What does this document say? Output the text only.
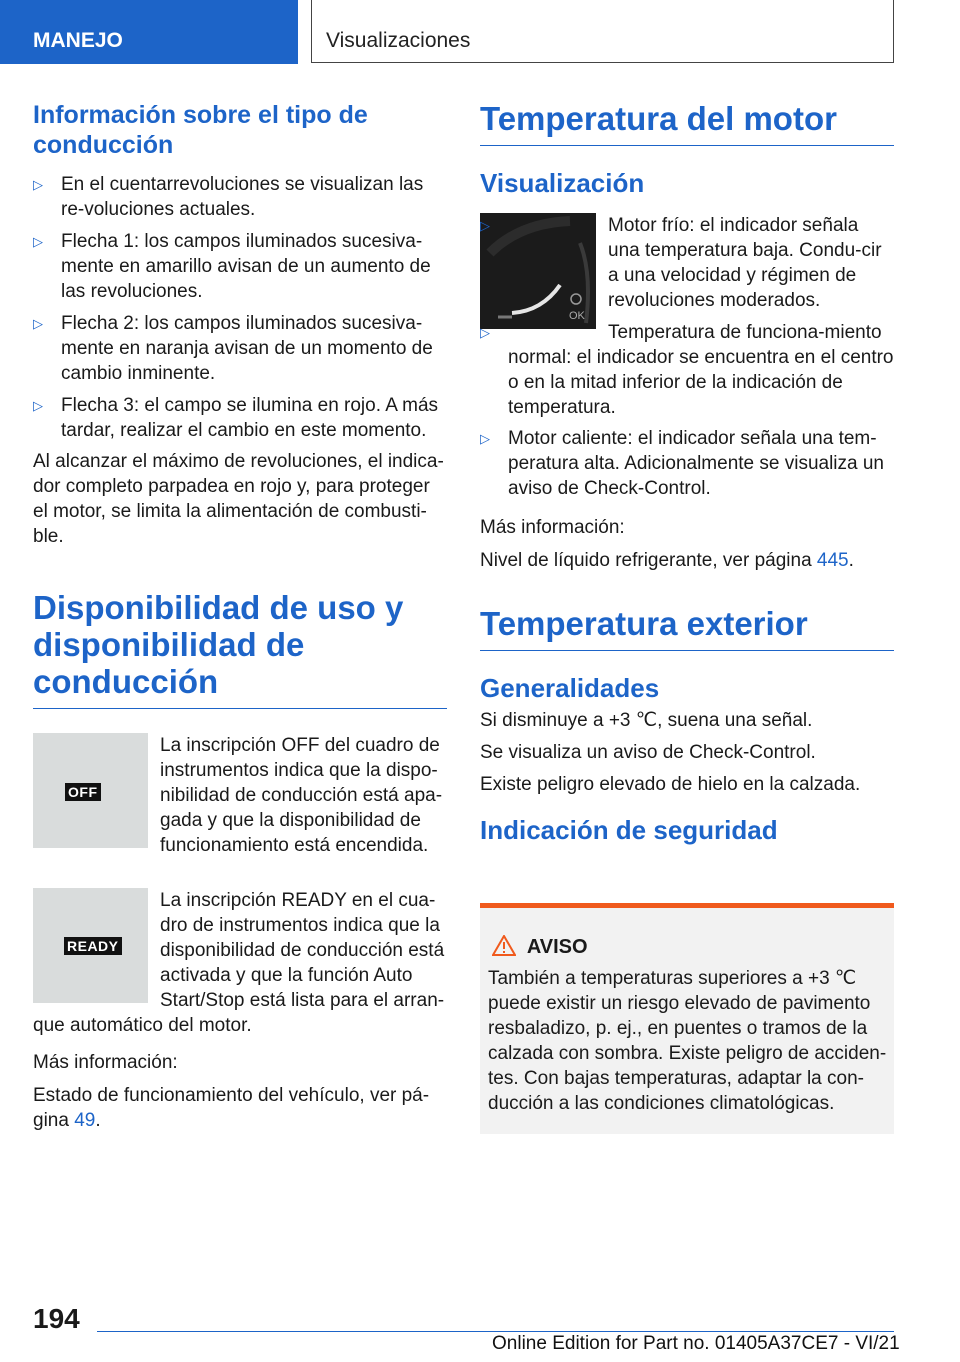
MANEJO	Visualizaciones
Información sobre el tipo de conducción
▷ En el cuentarrevoluciones se visualizan las re-voluciones actuales.
▷ Flecha 1: los campos iluminados sucesiva-mente en amarillo avisan de un aumento de las revoluciones.
▷ Flecha 2: los campos iluminados sucesiva-mente en naranja avisan de un momento de cambio inminente.
▷ Flecha 3: el campo se ilumina en rojo. A más tardar, realizar el cambio en este momento.

Al alcanzar el máximo de revoluciones, el indica-dor completo parpadea en rojo y, para proteger el motor, se limita la alimentación de combusti-ble.

Disponibilidad de uso y disponibilidad de conducción
OFF

La inscripción OFF del cuadro de instrumentos indica que la dispo-nibilidad de conducción está apa-gada y que la disponibilidad de funcionamiento está encendida.

READY

La inscripción READY en el cua-dro de instrumentos indica que la disponibilidad de conducción está activada y que la función Auto Start/Stop está lista para el arran-que automático del motor.

Más información:

Estado de funcionamiento del vehículo, ver pá-gina 49.

Temperatura del motor
Visualización
OK
▷	Motor frío: el indicador señala una temperatura baja. Condu-cir a una velocidad y régimen de revoluciones moderados.
▷	Temperatura de funciona-miento normal: el indicador se encuentra en el centro o en la mitad inferior de la indicación de temperatura.
▷ Motor caliente: el indicador señala una tem-peratura alta. Adicionalmente se visualiza un aviso de Check-Control.

Más información:

Nivel de líquido refrigerante, ver página 445.

Temperatura exterior
Generalidades

Si disminuye a +3 ℃, suena una señal.

Se visualiza un aviso de Check-Control.

Existe peligro elevado de hielo en la calzada.

Indicación de seguridad
AVISO
También a temperaturas superiores a +3 ℃ puede existir un riesgo elevado de pavimento resbaladizo, p. ej., en puentes o tramos de la calzada con sombra. Existe peligro de acciden-tes. Con bajas temperaturas, adaptar la con-ducción a las condiciones climatológicas.
194
Online Edition for Part no. 01405A37CE7 - VI/21
